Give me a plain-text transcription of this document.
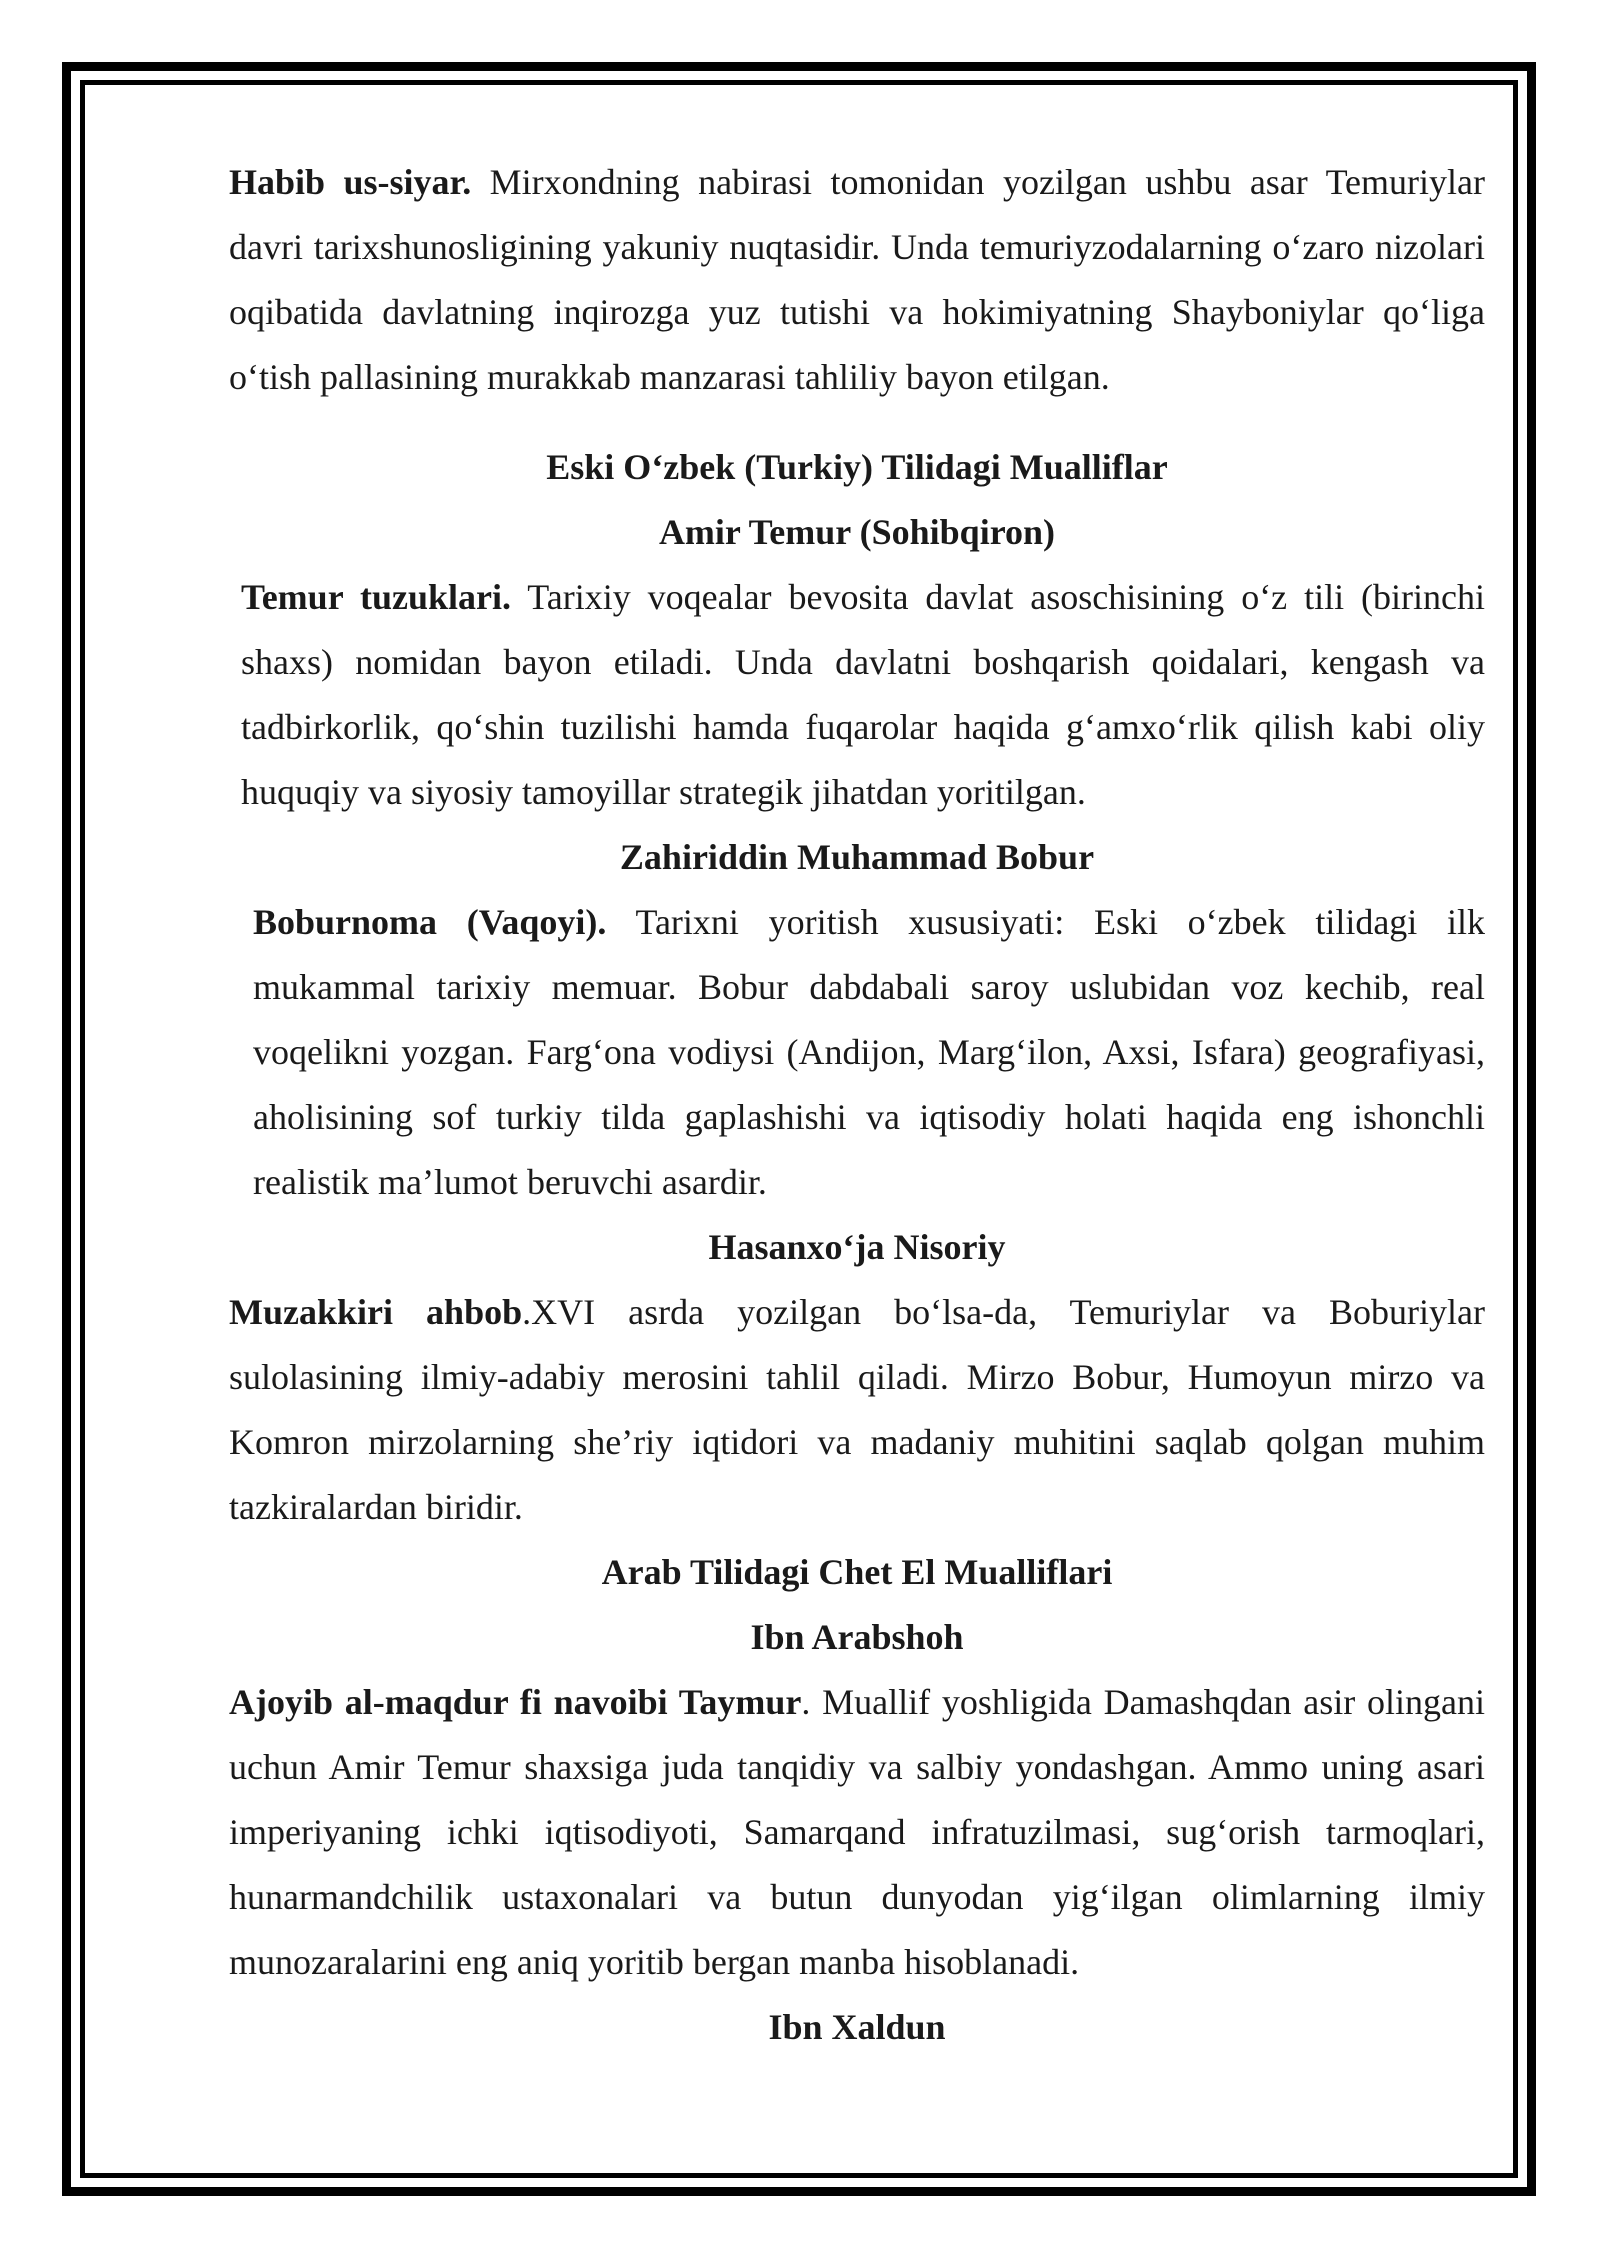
Habib us-siyar. Mirxondning nabirasi tomonidan yozilgan ushbu asar Temuriylar davri tarixshunosligining yakuniy nuqtasidir. Unda temuriyzodalarning o‘zaro nizolari oqibatida davlatning inqirozga yuz tutishi va hokimiyatning Shayboniylar qo‘liga o‘tish pallasining murakkab manzarasi tahliliy bayon etilgan.

Eski O‘zbek (Turkiy) Tilidagi Mualliflar
Amir Temur (Sohibqiron)

Temur tuzuklari. Tarixiy voqealar bevosita davlat asoschisining o‘z tili (birinchi shaxs) nomidan bayon etiladi. Unda davlatni boshqarish qoidalari, kengash va tadbirkorlik, qo‘shin tuzilishi hamda fuqarolar haqida g‘amxo‘rlik qilish kabi oliy huquqiy va siyosiy tamoyillar strategik jihatdan yoritilgan.

Zahiriddin Muhammad Bobur

Boburnoma (Vaqoyi). Tarixni yoritish xususiyati: Eski o‘zbek tilidagi ilk mukammal tarixiy memuar. Bobur dabdabali saroy uslubidan voz kechib, real voqelikni yozgan. Farg‘ona vodiysi (Andijon, Marg‘ilon, Axsi, Isfara) geografiyasi, aholisining sof turkiy tilda gaplashishi va iqtisodiy holati haqida eng ishonchli realistik ma’lumot beruvchi asardir.

Hasanxo‘ja Nisoriy

Muzakkiri ahbob.XVI asrda yozilgan bo‘lsa-da, Temuriylar va Boburiylar sulolasining ilmiy-adabiy merosini tahlil qiladi. Mirzo Bobur, Humoyun mirzo va Komron mirzolarning she’riy iqtidori va madaniy muhitini saqlab qolgan muhim tazkiralardan biridir.

Arab Tilidagi Chet El Mualliflari
Ibn Arabshoh

Ajoyib al-maqdur fi navoibi Taymur. Muallif yoshligida Damashqdan asir olingani uchun Amir Temur shaxsiga juda tanqidiy va salbiy yondashgan. Ammo uning asari imperiyaning ichki iqtisodiyoti, Samarqand infratuzilmasi, sug‘orish tarmoqlari, hunarmandchilik ustaxonalari va butun dunyodan yig‘ilgan olimlarning ilmiy munozaralarini eng aniq yoritib bergan manba hisoblanadi.

Ibn Xaldun
